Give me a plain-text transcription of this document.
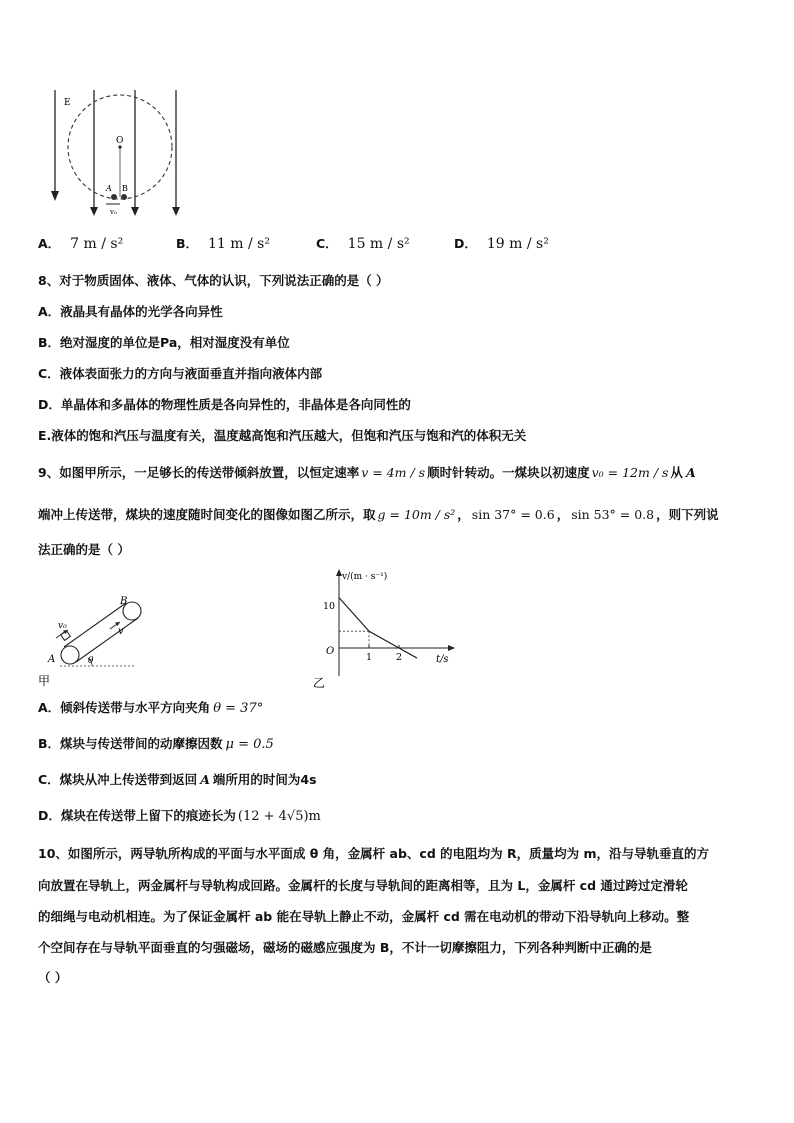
E
O
A B
v₀
A． 7 m / s²	B． 11 m / s²	C． 15 m / s²	D． 19 m / s²
8、对于物质固体、液体、气体的认识，下列说法正确的是（ ）
A．液晶具有晶体的光学各向异性
B．绝对湿度的单位是Pa，相对湿度没有单位
C．液体表面张力的方向与液面垂直并指向液体内部
D．单晶体和多晶体的物理性质是各向异性的，非晶体是各向同性的
E.液体的饱和汽压与温度有关，温度越高饱和汽压越大，但饱和汽压与饱和汽的体积无关
9、如图甲所示，一足够长的传送带倾斜放置，以恒定速率 v = 4m / s 顺时针转动。一煤块以初速度 v₀ = 12m / s 从 A
端冲上传送带，煤块的速度随时间变化的图像如图乙所示，取 g = 10m / s² ， sin 37° = 0.6 ， sin 53° = 0.8 ，则下列说
法正确的是（ ）
B
v
v₀
A	θ
甲
v/(m · s⁻¹)
10
O
1	2	t/s
乙
A．倾斜传送带与水平方向夹角 θ = 37°
B．煤块与传送带间的动摩擦因数 μ = 0.5
C．煤块从冲上传送带到返回 A 端所用的时间为4s
D．煤块在传送带上留下的痕迹长为 (12 + 4√5)m
10、如图所示，两导轨所构成的平面与水平面成 θ 角，金属杆 ab、cd 的电阻均为 R，质量均为 m，沿与导轨垂直的方
向放置在导轨上，两金属杆与导轨构成回路。金属杆的长度与导轨间的距离相等，且为 L，金属杆 cd 通过跨过定滑轮
的细绳与电动机相连。为了保证金属杆 ab 能在导轨上静止不动，金属杆 cd 需在电动机的带动下沿导轨向上移动。整
个空间存在与导轨平面垂直的匀强磁场，磁场的磁感应强度为 B，不计一切摩擦阻力，下列各种判断中正确的是
（ ）
